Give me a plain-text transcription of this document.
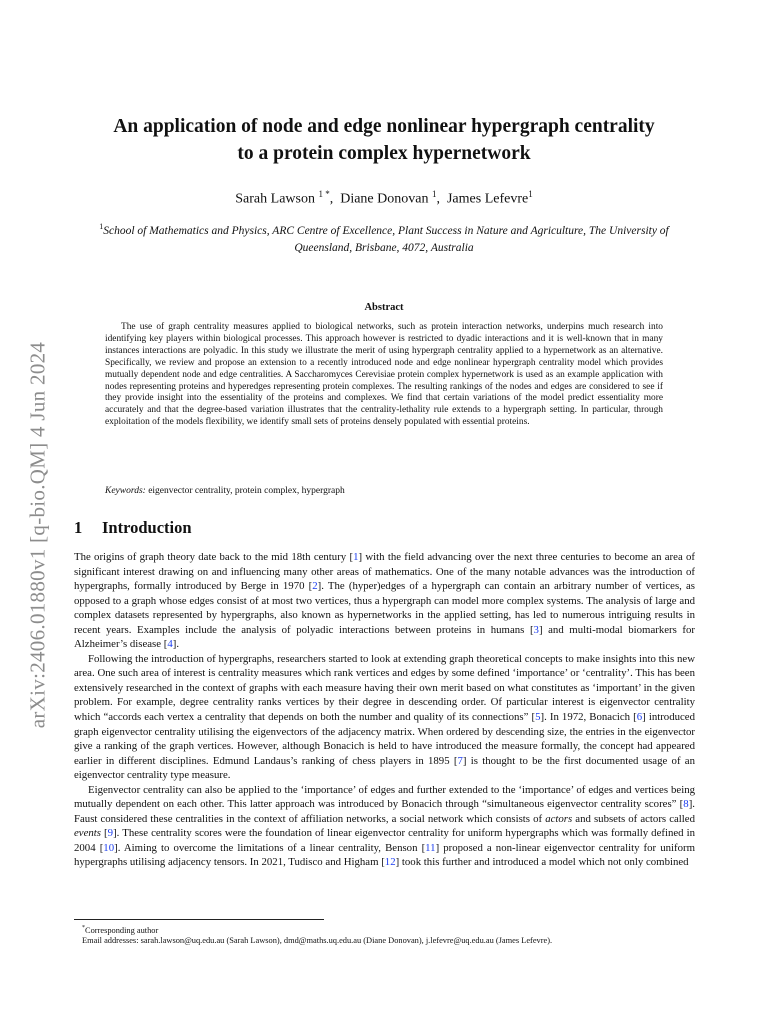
arXiv:2406.01880v1 [q-bio.QM] 4 Jun 2024
An application of node and edge nonlinear hypergraph centrality
to a protein complex hypernetwork
Sarah Lawson $^{1 *}$,  Diane Donovan $^1$,  James Lefevre$^1$
$^1$School of Mathematics and Physics, ARC Centre of Excellence, Plant Success in Nature and Agriculture, The University of Queensland, Brisbane, 4072, Australia
Abstract

The use of graph centrality measures applied to biological networks, such as protein interaction networks, underpins much research into identifying key players within biological processes. This approach however is restricted to dyadic interactions and it is well-known that in many instances interactions are polyadic. In this study we illustrate the merit of using hypergraph centrality applied to a hypernetwork as an alternative. Specifically, we review and propose an extension to a recently introduced node and edge nonlinear hypergraph centrality model which provides mutually dependent node and edge centralities. A Saccharomyces Cerevisiae protein complex hypernetwork is used as an example application with nodes representing proteins and hyperedges representing protein complexes. The resulting rankings of the nodes and edges are considered to see if they provide insight into the essentiality of the proteins and complexes. We find that certain variations of the model predict essentiality more accurately and that the degree-based variation illustrates that the centrality-lethality rule extends to a hypergraph setting. In particular, through exploitation of the models flexibility, we identify small sets of proteins densely populated with essential proteins.

Keywords: eigenvector centrality, protein complex, hypergraph
1 Introduction

The origins of graph theory date back to the mid 18th century [ 1 ] with the field advancing over the next three centuries to become an area of significant interest drawing on and influencing many other areas of mathematics. One of the many notable advances was the introduction of hypergraphs, formally introduced by Berge in 1970 [ 2 ] . The (hyper)edges of a hypergraph can contain an arbitrary number of vertices, as opposed to a graph whose edges consist of at most two vertices, thus a hypergraph can model more complex systems. The analysis of large and complex datasets represented by hypergraphs, also known as hypernetworks in the applied setting, has led to numerous intriguing results in recent years. Examples include the analysis of polyadic interactions between proteins in humans [ 3 ] and multi-modal biomarkers for Alzheimer’s disease [ 4 ] .

Following the introduction of hypergraphs, researchers started to look at extending graph theoretical concepts to make insights into this new area. One such area of interest is centrality measures which rank vertices and edges by some defined ‘importance’ or ‘centrality’. This has been extensively researched in the context of graphs with each measure having their own merit based on what constitutes as ‘important’ in the given problem. For example, degree centrality ranks vertices by their degree in descending order. Of particular interest is eigenvector centrality which “accords each vertex a centrality that depends on both the number and quality of its connections” [ 5 ] . In 1972, Bonacich [ 6 ] introduced graph eigenvector centrality utilising the eigenvectors of the adjacency matrix. When ordered by descending size, the entries in the eigenvector give a ranking of the graph vertices. However, although Bonacich is held to have introduced the measure formally, the concept had appeared earlier in different disciplines. Edmund Landaus’s ranking of chess players in 1895 [ 7 ] is thought to be the first documented usage of an eigenvector centrality type measure.

Eigenvector centrality can also be applied to the ‘importance’ of edges and further extended to the ‘importance’ of edges and vertices being mutually dependent on each other. This latter approach was introduced by Bonacich through “simultaneous eigenvector centrality scores” [ 8 ] . Faust considered these centralities in the context of affiliation networks, a social network which consists of actors and subsets of actors called events [ 9 ] . These centrality scores were the foundation of linear eigenvector centrality for uniform hypergraphs which was formally defined in 2004 [ 10 ] . Aiming to overcome the limitations of a linear centrality, Benson [ 11 ] proposed a non-linear eigenvector centrality for uniform hypergraphs utilising adjacency tensors. In 2021, Tudisco and Higham [ 12 ] took this further and introduced a model which not only combined

*Corresponding author
Email addresses: sarah.lawson@uq.edu.au (Sarah Lawson), dmd@maths.uq.edu.au (Diane Donovan), j.lefevre@uq.edu.au (James Lefevre).
